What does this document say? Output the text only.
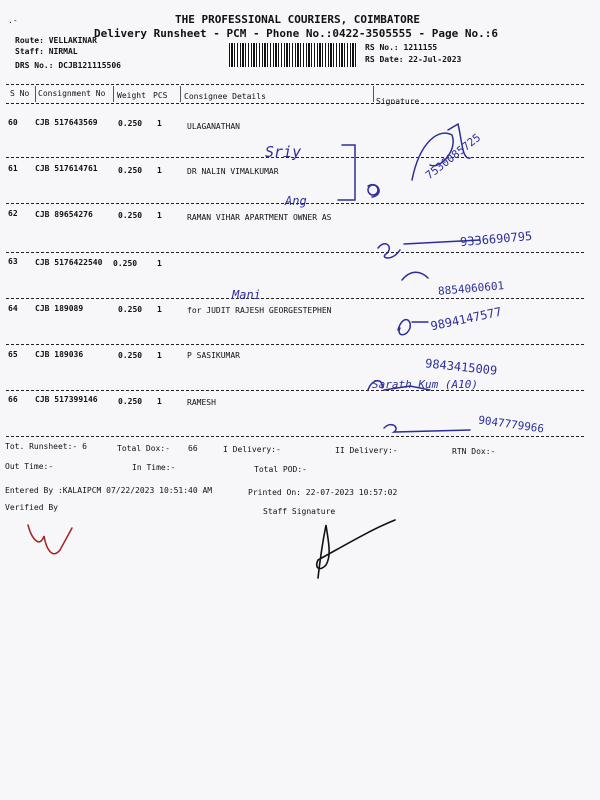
THE PROFESSIONAL COURIERS, COIMBATORE
Delivery Runsheet - PCM - Phone No.:0422-3505555 - Page No.:6
Route: VELLAKINAR
Staff: NIRMAL
DRS No.: DCJB121115506
RS No.: 1211155
RS Date: 22-Jul-2023
.-
S No Consignment No Weight PCS Consignee Details
Signature
60 CJB 517643569	0.250 1	ULAGANATHAN
61 CJB 517614761	0.250 1	DR NALIN VIMALKUMAR
62 CJB 89654276	0.250 1	RAMAN VIHAR APARTMENT OWNER AS
63 CJB 5176422540 0.250 1
64 CJB 189089	0.250 1	for JUDIT RAJESH GEORGESTEPHEN
65 CJB 189036	0.250 1	P SASIKUMAR
66 CJB 517399146	0.250 1	RAMESH
7530085725
Sriy
Ang
9336690795
8854060601
Mani
9894147577
9843415009
Sarath Kum (A10)
9047779966
Tot. Runsheet:- 6	Total Dox:- 66	I Delivery:-	II Delivery:-	RTN Dox:-
Out Time:-	In Time:-	Total POD:-
Entered By :KALAIPCM 07/22/2023 10:51:40 AM	Printed On: 22-07-2023 10:57:02
Verified By	Staff Signature
